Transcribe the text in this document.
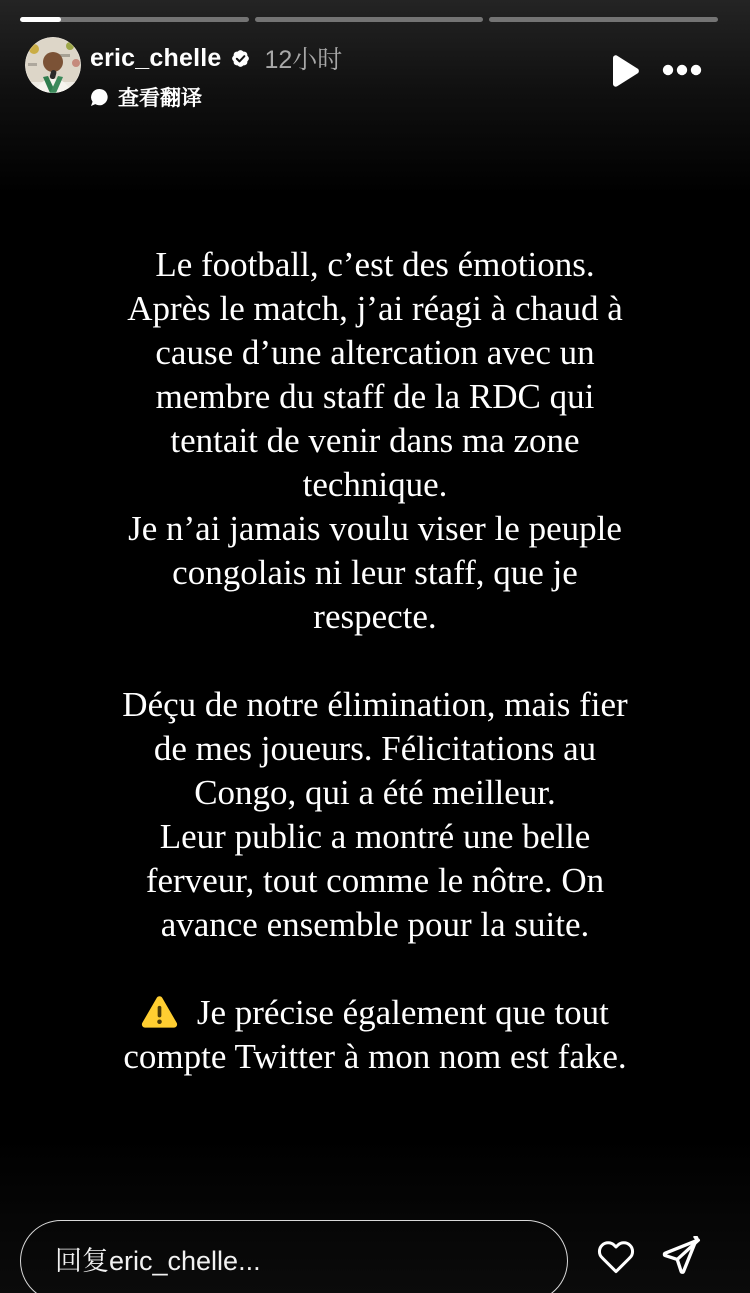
eric_chelle 12小时
查看翻译
Le football, c’est des émotions.
Après le match, j’ai réagi à chaud à
cause d’une altercation avec un
membre du staff de la RDC qui
tentait de venir dans ma zone
technique.
Je n’ai jamais voulu viser le peuple
congolais ni leur staff, que je
respecte.
Déçu de notre élimination, mais fier
de mes joueurs. Félicitations au
Congo, qui a été meilleur.
Leur public a montré une belle
ferveur, tout comme le nôtre. On
avance ensemble pour la suite.
Je précise également que tout
compte Twitter à mon nom est fake.
回复eric_chelle...
